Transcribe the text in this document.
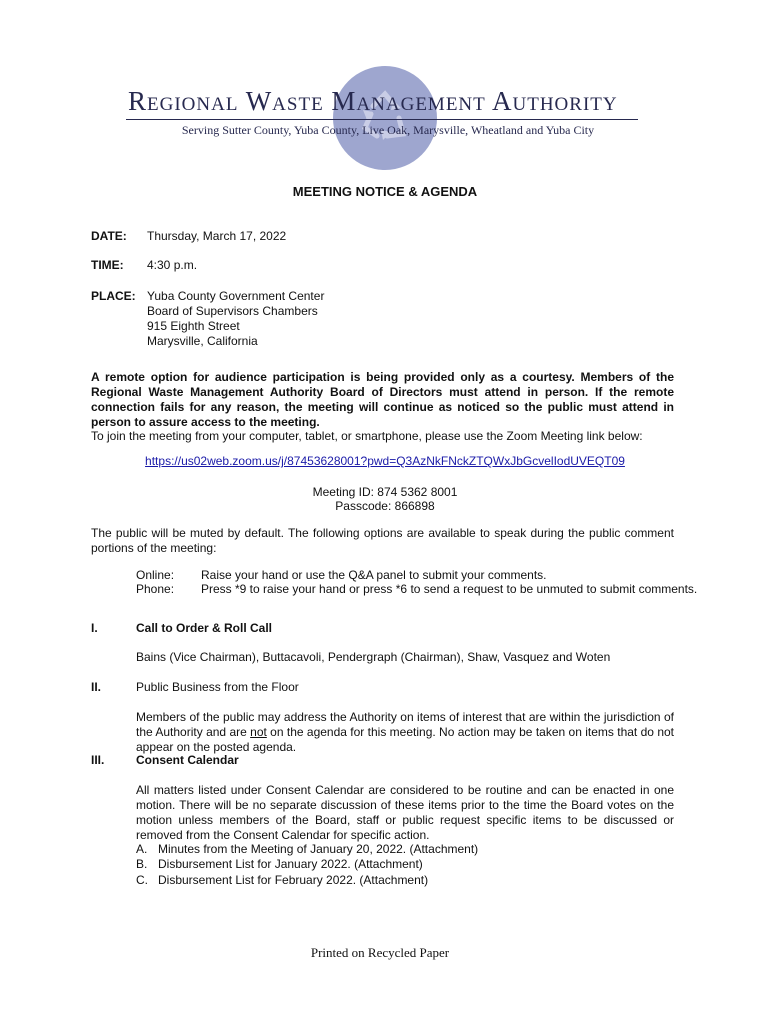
Regional Waste Management Authority
Serving Sutter County, Yuba County, Live Oak, Marysville, Wheatland and Yuba City
MEETING NOTICE & AGENDA
DATE: Thursday, March 17, 2022
TIME: 4:30 p.m.
PLACE: Yuba County Government Center
Board of Supervisors Chambers
915 Eighth Street
Marysville, California
A remote option for audience participation is being provided only as a courtesy. Members of the Regional Waste Management Authority Board of Directors must attend in person. If the remote connection fails for any reason, the meeting will continue as noticed so the public must attend in person to assure access to the meeting.
To join the meeting from your computer, tablet, or smartphone, please use the Zoom Meeting link below:
https://us02web.zoom.us/j/87453628001?pwd=Q3AzNkFNckZTQWxJbGcvelIodUVEQT09
Meeting ID: 874 5362 8001
Passcode: 866898
The public will be muted by default. The following options are available to speak during the public comment portions of the meeting:
Online: Raise your hand or use the Q&A panel to submit your comments.
Phone: Press *9 to raise your hand or press *6 to send a request to be unmuted to submit comments.
I.	Call to Order & Roll Call
Bains (Vice Chairman), Buttacavoli, Pendergraph (Chairman), Shaw, Vasquez and Woten
II.	Public Business from the Floor
Members of the public may address the Authority on items of interest that are within the jurisdiction of the Authority and are not on the agenda for this meeting. No action may be taken on items that do not appear on the posted agenda.
III.	Consent Calendar
All matters listed under Consent Calendar are considered to be routine and can be enacted in one motion. There will be no separate discussion of these items prior to the time the Board votes on the motion unless members of the Board, staff or public request specific items to be discussed or removed from the Consent Calendar for specific action.
A. Minutes from the Meeting of January 20, 2022. (Attachment)
B. Disbursement List for January 2022. (Attachment)
C. Disbursement List for February 2022. (Attachment)
Printed on Recycled Paper
